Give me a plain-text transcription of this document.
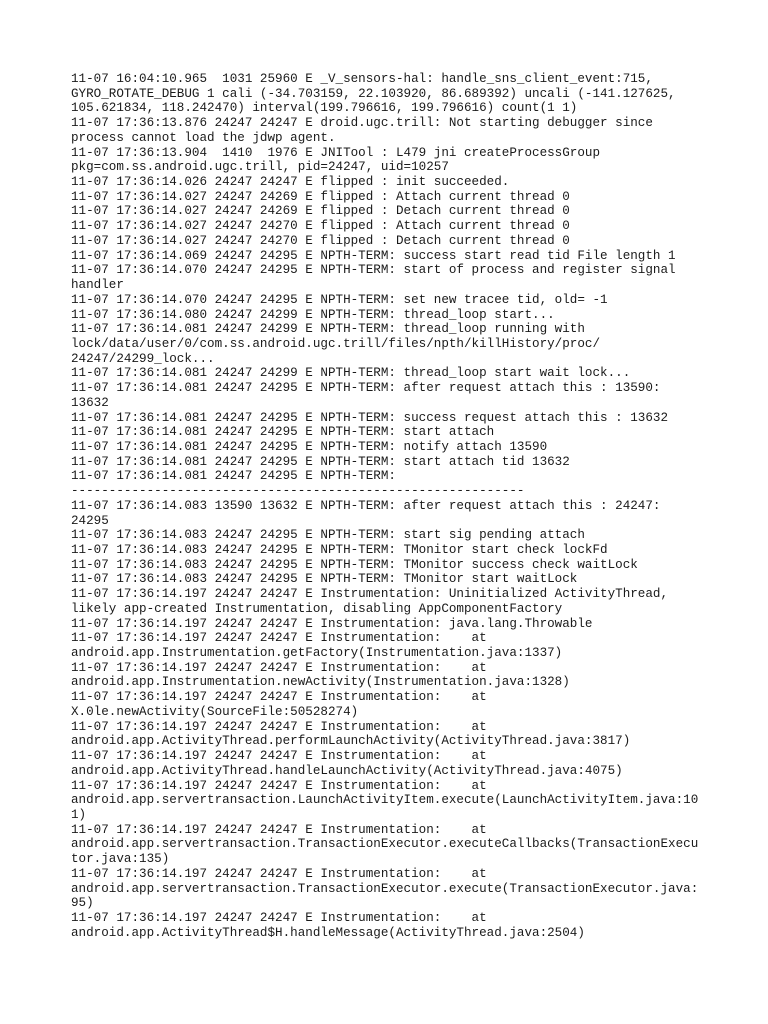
11-07 16:04:10.965  1031 25960 E _V_sensors-hal: handle_sns_client_event:715,
GYRO_ROTATE_DEBUG 1 cali (-34.703159, 22.103920, 86.689392) uncali (-141.127625,
105.621834, 118.242470) interval(199.796616, 199.796616) count(1 1)
11-07 17:36:13.876 24247 24247 E droid.ugc.trill: Not starting debugger since
process cannot load the jdwp agent.
11-07 17:36:13.904  1410  1976 E JNITool : L479 jni createProcessGroup
pkg=com.ss.android.ugc.trill, pid=24247, uid=10257
11-07 17:36:14.026 24247 24247 E flipped : init succeeded.
11-07 17:36:14.027 24247 24269 E flipped : Attach current thread 0
11-07 17:36:14.027 24247 24269 E flipped : Detach current thread 0
11-07 17:36:14.027 24247 24270 E flipped : Attach current thread 0
11-07 17:36:14.027 24247 24270 E flipped : Detach current thread 0
11-07 17:36:14.069 24247 24295 E NPTH-TERM: success start read tid File length 1
11-07 17:36:14.070 24247 24295 E NPTH-TERM: start of process and register signal
handler
11-07 17:36:14.070 24247 24295 E NPTH-TERM: set new tracee tid, old= -1
11-07 17:36:14.080 24247 24299 E NPTH-TERM: thread_loop start...
11-07 17:36:14.081 24247 24299 E NPTH-TERM: thread_loop running with
lock/data/user/0/com.ss.android.ugc.trill/files/npth/killHistory/proc/
24247/24299_lock...
11-07 17:36:14.081 24247 24299 E NPTH-TERM: thread_loop start wait lock...
11-07 17:36:14.081 24247 24295 E NPTH-TERM: after request attach this : 13590:
13632
11-07 17:36:14.081 24247 24295 E NPTH-TERM: success request attach this : 13632
11-07 17:36:14.081 24247 24295 E NPTH-TERM: start attach
11-07 17:36:14.081 24247 24295 E NPTH-TERM: notify attach 13590
11-07 17:36:14.081 24247 24295 E NPTH-TERM: start attach tid 13632
11-07 17:36:14.081 24247 24295 E NPTH-TERM:
------------------------------------------------------------
11-07 17:36:14.083 13590 13632 E NPTH-TERM: after request attach this : 24247:
24295
11-07 17:36:14.083 24247 24295 E NPTH-TERM: start sig pending attach
11-07 17:36:14.083 24247 24295 E NPTH-TERM: TMonitor start check lockFd
11-07 17:36:14.083 24247 24295 E NPTH-TERM: TMonitor success check waitLock
11-07 17:36:14.083 24247 24295 E NPTH-TERM: TMonitor start waitLock
11-07 17:36:14.197 24247 24247 E Instrumentation: Uninitialized ActivityThread,
likely app-created Instrumentation, disabling AppComponentFactory
11-07 17:36:14.197 24247 24247 E Instrumentation: java.lang.Throwable
11-07 17:36:14.197 24247 24247 E Instrumentation:    at
android.app.Instrumentation.getFactory(Instrumentation.java:1337)
11-07 17:36:14.197 24247 24247 E Instrumentation:    at
android.app.Instrumentation.newActivity(Instrumentation.java:1328)
11-07 17:36:14.197 24247 24247 E Instrumentation:    at
X.0le.newActivity(SourceFile:50528274)
11-07 17:36:14.197 24247 24247 E Instrumentation:    at
android.app.ActivityThread.performLaunchActivity(ActivityThread.java:3817)
11-07 17:36:14.197 24247 24247 E Instrumentation:    at
android.app.ActivityThread.handleLaunchActivity(ActivityThread.java:4075)
11-07 17:36:14.197 24247 24247 E Instrumentation:    at
android.app.servertransaction.LaunchActivityItem.execute(LaunchActivityItem.java:10
1)
11-07 17:36:14.197 24247 24247 E Instrumentation:    at
android.app.servertransaction.TransactionExecutor.executeCallbacks(TransactionExecu
tor.java:135)
11-07 17:36:14.197 24247 24247 E Instrumentation:    at
android.app.servertransaction.TransactionExecutor.execute(TransactionExecutor.java:
95)
11-07 17:36:14.197 24247 24247 E Instrumentation:    at
android.app.ActivityThread$H.handleMessage(ActivityThread.java:2504)
